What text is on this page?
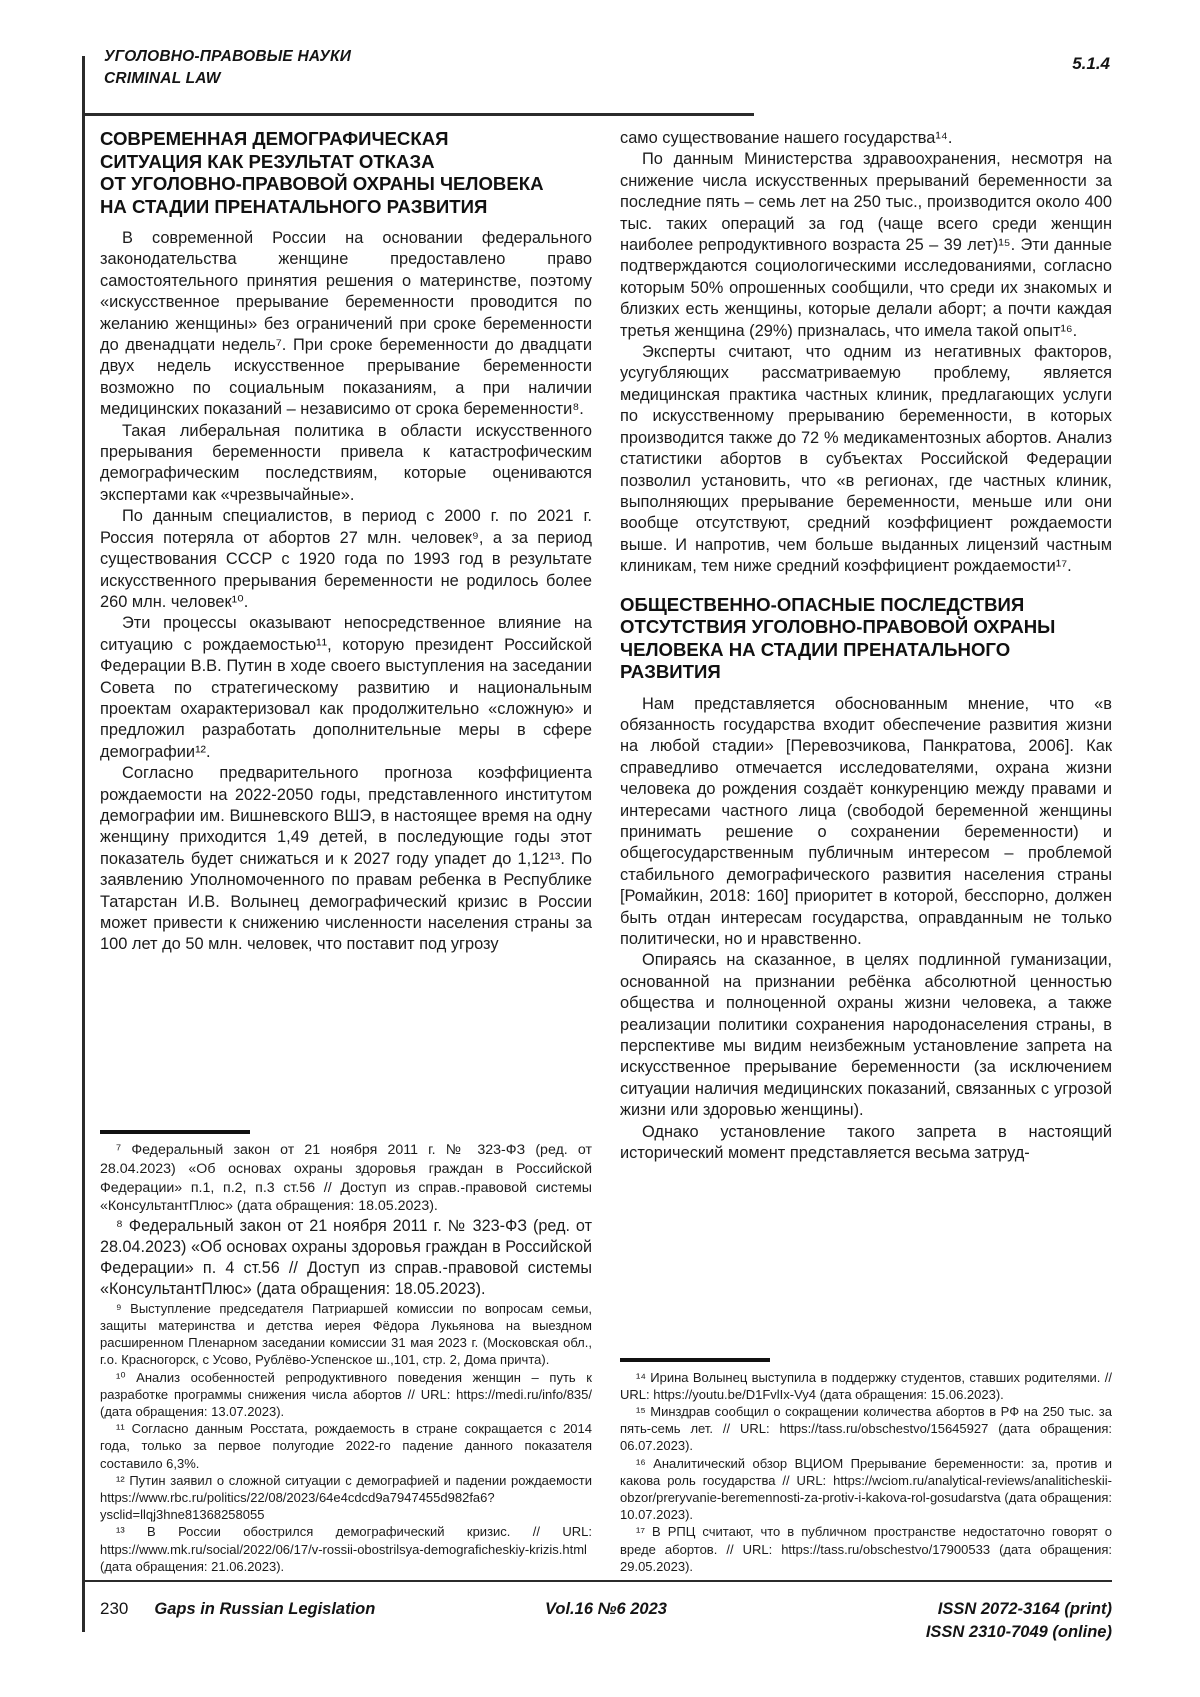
УГОЛОВНО-ПРАВОВЫЕ НАУКИ
CRIMINAL LAW
5.1.4
СОВРЕМЕННАЯ ДЕМОГРАФИЧЕСКАЯ
СИТУАЦИЯ КАК РЕЗУЛЬТАТ ОТКАЗА
ОТ УГОЛОВНО-ПРАВОВОЙ ОХРАНЫ ЧЕЛОВЕКА
НА СТАДИИ ПРЕНАТАЛЬНОГО РАЗВИТИЯ

В современной России на основании федерального законодательства женщине предоставлено право самостоятельного принятия решения о материнстве, поэтому «искусственное прерывание беременности проводится по желанию женщины» без ограничений при сроке беременности до двенадцати недель⁷. При сроке беременности до двадцати двух недель искусственное прерывание беременности возможно по социальным показаниям, а при наличии медицинских показаний – независимо от срока беременности⁸.

Такая либеральная политика в области искусственного прерывания беременности привела к катастрофическим демографическим последствиям, которые оцениваются экспертами как «чрезвычайные».

По данным специалистов, в период с 2000 г. по 2021 г. Россия потеряла от абортов 27 млн. человек⁹, а за период существования СССР с 1920 года по 1993 год в результате искусственного прерывания беременности не родилось более 260 млн. человек¹⁰.

Эти процессы оказывают непосредственное влияние на ситуацию с рождаемостью¹¹, которую президент Российской Федерации В.В. Путин в ходе своего выступления на заседании Совета по стратегическому развитию и национальным проектам охарактеризовал как продолжительно «сложную» и предложил разработать дополнительные меры в сфере демографии¹².

Согласно предварительного прогноза коэффициента рождаемости на 2022-2050 годы, представленного институтом демографии им. Вишневского ВШЭ, в настоящее время на одну женщину приходится 1,49 детей, в последующие годы этот показатель будет снижаться и к 2027 году упадет до 1,12¹³. По заявлению Уполномоченного по правам ребенка в Республике Татарстан И.В. Волынец демографический кризис в России может привести к снижению численности населения страны за 100 лет до 50 млн. человек, что поставит под угрозу

⁷ Федеральный закон от 21 ноября 2011 г. № 323-ФЗ (ред. от 28.04.2023) «Об основах охраны здоровья граждан в Российской Федерации» п.1, п.2, п.3 ст.56 // Доступ из справ.-правовой системы «КонсультантПлюс» (дата обращения: 18.05.2023).

⁸ Федеральный закон от 21 ноября 2011 г. № 323-ФЗ (ред. от 28.04.2023) «Об основах охраны здоровья граждан в Российской Федерации» п. 4 ст.56 // Доступ из справ.-правовой системы «КонсультантПлюс» (дата обращения: 18.05.2023).

⁹ Выступление председателя Патриаршей комиссии по вопросам семьи, защиты материнства и детства иерея Фёдора Лукьянова на выездном расширенном Пленарном заседании комиссии 31 мая 2023 г. (Московская обл., г.о. Красногорск, с Усово, Рублёво-Успенское ш.,101, стр. 2, Дома причта).

¹⁰ Анализ особенностей репродуктивного поведения женщин – путь к разработке программы снижения числа абортов // URL: https://medi.ru/info/835/ (дата обращения: 13.07.2023).

¹¹ Согласно данным Росстата, рождаемость в стране сокращается с 2014 года, только за первое полугодие 2022-го падение данного показателя составило 6,3%.

¹² Путин заявил о сложной ситуации с демографией и падении рождаемости https://www.rbc.ru/politics/22/08/2023/64e4cdcd9a7947455d982fa6?ysclid=llqj3hne81368258055

¹³ В России обострился демографический кризис. // URL: https://www.mk.ru/social/2022/06/17/v-rossii-obostrilsya-demograficheskiy-krizis.html (дата обращения: 21.06.2023).

само существование нашего государства¹⁴.

По данным Министерства здравоохранения, несмотря на снижение числа искусственных прерываний беременности за последние пять – семь лет на 250 тыс., производится около 400 тыс. таких операций за год (чаще всего среди женщин наиболее репродуктивного возраста 25 – 39 лет)¹⁵. Эти данные подтверждаются социологическими исследованиями, согласно которым 50% опрошенных сообщили, что среди их знакомых и близких есть женщины, которые делали аборт; а почти каждая третья женщина (29%) призналась, что имела такой опыт¹⁶.

Эксперты считают, что одним из негативных факторов, усугубляющих рассматриваемую проблему, является медицинская практика частных клиник, предлагающих услуги по искусственному прерыванию беременности, в которых производится также до 72 % медикаментозных абортов. Анализ статистики абортов в субъектах Российской Федерации позволил установить, что «в регионах, где частных клиник, выполняющих прерывание беременности, меньше или они вообще отсутствуют, средний коэффициент рождаемости выше. И напротив, чем больше выданных лицензий частным клиникам, тем ниже средний коэффициент рождаемости¹⁷.

ОБЩЕСТВЕННО-ОПАСНЫЕ ПОСЛЕДСТВИЯ
ОТСУТСТВИЯ УГОЛОВНО-ПРАВОВОЙ ОХРАНЫ
ЧЕЛОВЕКА НА СТАДИИ ПРЕНАТАЛЬНОГО
РАЗВИТИЯ

Нам представляется обоснованным мнение, что «в обязанность государства входит обеспечение развития жизни на любой стадии» [Перевозчикова, Панкратова, 2006]. Как справедливо отмечается исследователями, охрана жизни человека до рождения создаёт конкуренцию между правами и интересами частного лица (свободой беременной женщины принимать решение о сохранении беременности) и общегосударственным публичным интересом – проблемой стабильного демографического развития населения страны [Ромайкин, 2018: 160] приоритет в которой, бесспорно, должен быть отдан интересам государства, оправданным не только политически, но и нравственно.

Опираясь на сказанное, в целях подлинной гуманизации, основанной на признании ребёнка абсолютной ценностью общества и полноценной охраны жизни человека, а также реализации политики сохранения народонаселения страны, в перспективе мы видим неизбежным установление запрета на искусственное прерывание беременности (за исключением ситуации наличия медицинских показаний, связанных с угрозой жизни или здоровью женщины).

Однако установление такого запрета в настоящий исторический момент представляется весьма затруд-

¹⁴ Ирина Волынец выступила в поддержку студентов, ставших родителями. // URL: https://youtu.be/D1FvlIx-Vy4 (дата обращения: 15.06.2023).

¹⁵ Минздрав сообщил о сокращении количества абортов в РФ на 250 тыс. за пять-семь лет. // URL: https://tass.ru/obschestvo/15645927 (дата обращения: 06.07.2023).

¹⁶ Аналитический обзор ВЦИОМ Прерывание беременности: за, против и какова роль государства // URL: https://wciom.ru/analytical-reviews/analiticheskii-obzor/preryvanie-beremennosti-za-protiv-i-kakova-rol-gosudarstva (дата обращения: 10.07.2023).

¹⁷ В РПЦ считают, что в публичном пространстве недостаточно говорят о вреде абортов. // URL: https://tass.ru/obschestvo/17900533 (дата обращения: 29.05.2023).

230 Gaps in Russian Legislation	Vol.16 №6 2023	ISSN 2072-3164 (print)
ISSN 2310-7049 (online)
